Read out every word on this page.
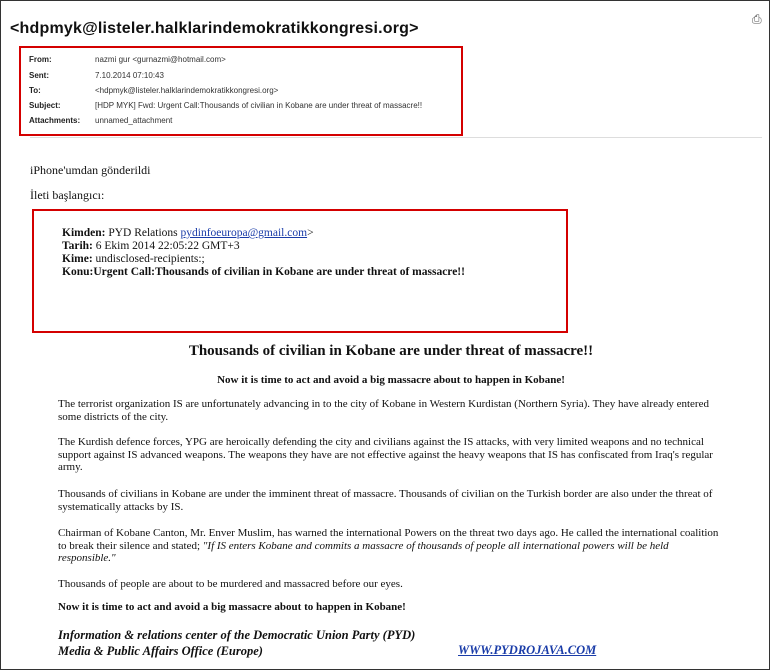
<hdpmyk@listeler.halklarindemokratikkongresi.org>
⎙
From:	nazmi gur <gurnazmi@hotmail.com>
Sent:	7.10.2014 07:10:43
To:	<hdpmyk@listeler.halklarindemokratikkongresi.org>
Subject:	[HDP MYK] Fwd: Urgent Call:Thousands of civilian in Kobane are under threat of massacre!!
Attachments: unnamed_attachment
iPhone'umdan gönderildi
İleti başlangıcı:
Kimden: PYD Relations pydinfoeuropa@gmail.com>
Tarih: 6 Ekim 2014 22:05:22 GMT+3
Kime: undisclosed-recipients:;
Konu:Urgent Call:Thousands of civilian in Kobane are under threat of massacre!!
Thousands of civilian in Kobane are under threat of massacre!!
Now it is time to act and avoid a big massacre about to happen in Kobane!
The terrorist organization IS are unfortunately advancing in to the city of Kobane in Western Kurdistan (Northern Syria). They have already entered some districts of the city.
The Kurdish defence forces, YPG are heroically defending the city and civilians against the IS attacks, with very limited weapons and no technical support against IS advanced weapons. The weapons they have are not effective against the heavy weapons that IS has confiscated from Iraq's regular army.
Thousands of civilians in Kobane are under the imminent threat of massacre. Thousands of civilian on the Turkish border are also under the threat of systematically attacks by IS.
Chairman of Kobane Canton, Mr. Enver Muslim, has warned the international Powers on the threat two days ago. He called the international coalition to break their silence and stated; "If IS enters Kobane and commits a massacre of thousands of people all international powers will be held responsible."
Thousands of people are about to be murdered and massacred before our eyes.
Now it is time to act and avoid a big massacre about to happen in Kobane!
Information & relations center of the Democratic Union Party (PYD)
Media & Public Affairs Office (Europe)	WWW.PYDROJAVA.COM
